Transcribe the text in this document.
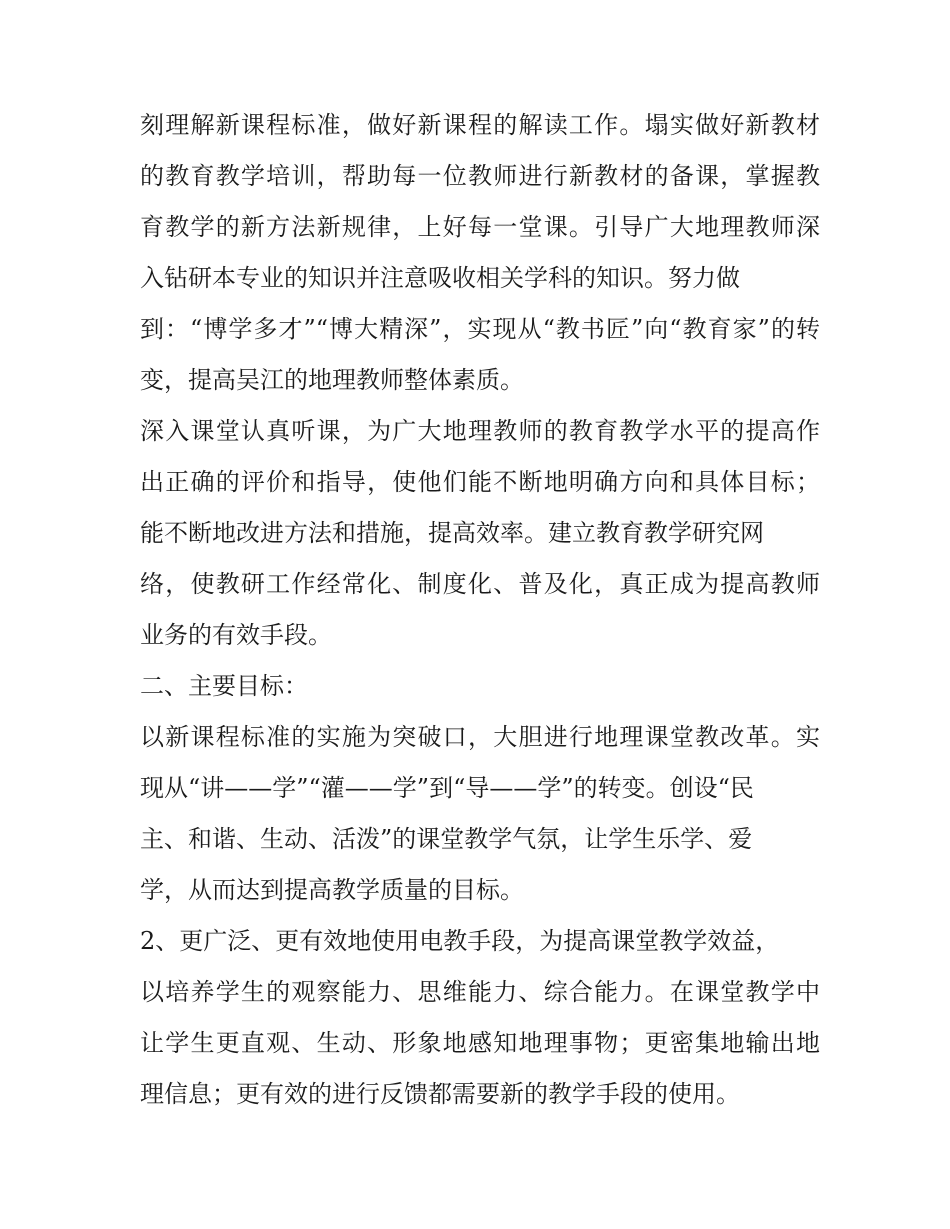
刻理解新课程标准，做好新课程的解读工作。塌实做好新教材
的教育教学培训，帮助每一位教师进行新教材的备课，掌握教
育教学的新方法新规律，上好每一堂课。引导广大地理教师深
入钻研本专业的知识并注意吸收相关学科的知识。努力做
到：“博学多才”“博大精深”，实现从“教书匠”向“教育家”的转
变，提高吴江的地理教师整体素质。
深入课堂认真听课，为广大地理教师的教育教学水平的提高作
出正确的评价和指导，使他们能不断地明确方向和具体目标；
能不断地改进方法和措施，提高效率。建立教育教学研究网
络，使教研工作经常化、制度化、普及化，真正成为提高教师
业务的有效手段。
二、主要目标：
以新课程标准的实施为突破口，大胆进行地理课堂教改革。实
现从“讲——学”“灌——学”到“导——学”的转变。创设“民
主、和谐、生动、活泼”的课堂教学气氛，让学生乐学、爱
学，从而达到提高教学质量的目标。
2、更广泛、更有效地使用电教手段，为提高课堂教学效益，
以培养学生的观察能力、思维能力、综合能力。在课堂教学中
让学生更直观、生动、形象地感知地理事物；更密集地输出地
理信息；更有效的进行反馈都需要新的教学手段的使用。
